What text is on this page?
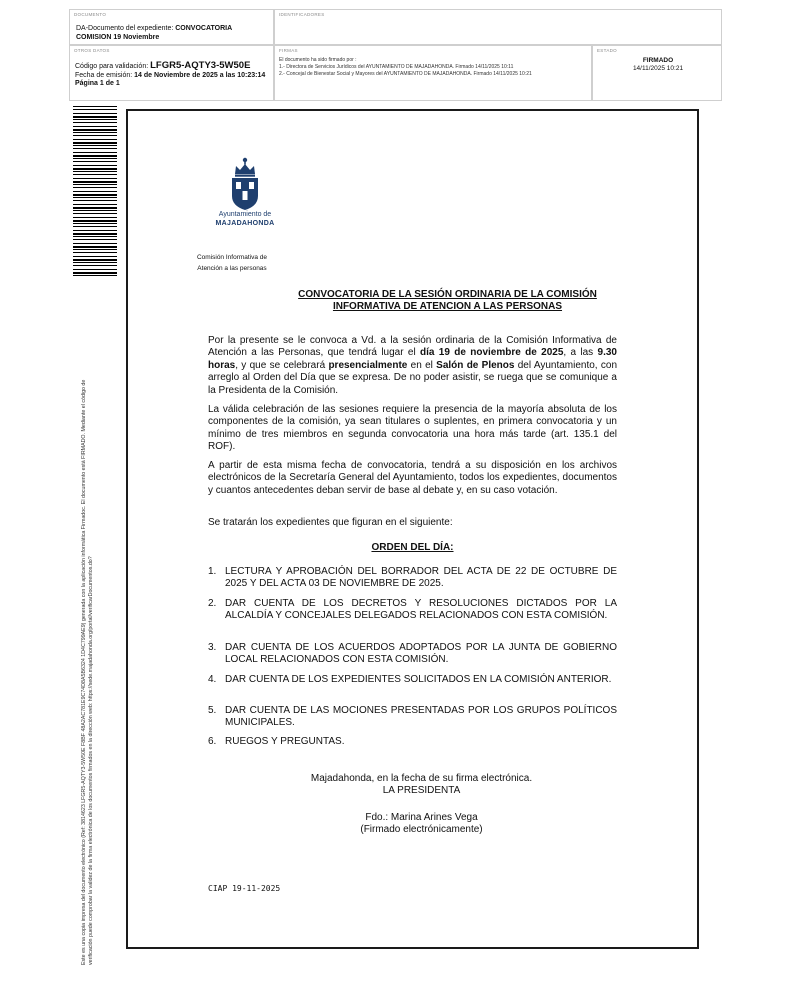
DOCUMENTO
DA-Documento del expediente: CONVOCATORIA
COMISION 19 Noviembre
IDENTIFICADORES
OTROS DATOS
Código para validación: LFGR5-AQTY3-5W50E
Fecha de emisión: 14 de Noviembre de 2025 a las 10:23:14
Página 1 de 1
FIRMAS
El documento ha sido firmado por :
1.- Directora de Servicios Jurídicos del AYUNTAMIENTO DE MAJADAHONDA. Firmado 14/11/2025 10:11
2.- Concejal de Bienestar Social y Mayores del AYUNTAMIENTO DE MAJADAHONDA. Firmado 14/11/2025 10:21
ESTADO
FIRMADO
14/11/2025 10:21
Este es una copia impresa del documento electrónico (Ref: 3814623 LFGR5-AQTY3-5W50E F8BF 48A2AC781E9C74D8A5B6324 1D4C799AE9) generada con la aplicación informática Firmadoc. El documento está FIRMADO. Mediante el código de verificación puede comprobar la validez de la firma electrónica de los documentos firmados en la dirección web: https://sede.majadahonda.org/portal/verificarDocumentos.do?
Ayuntamiento de
MAJADAHONDA
Comisión Informativa de
Atención a las personas
CONVOCATORIA DE LA SESIÓN ORDINARIA DE LA COMISIÓN
INFORMATIVA DE ATENCION A LAS PERSONAS
Por la presente se le convoca a Vd. a la sesión ordinaria de la Comisión Informativa de Atención a las Personas, que tendrá lugar el día 19 de noviembre de 2025, a las 9.30 horas, y que se celebrará presencialmente en el Salón de Plenos del Ayuntamiento, con arreglo al Orden del Día que se expresa. De no poder asistir, se ruega que se comunique a la Presidenta de la Comisión.
La válida celebración de las sesiones requiere la presencia de la mayoría absoluta de los componentes de la comisión, ya sean titulares o suplentes, en primera convocatoria y un mínimo de tres miembros en segunda convocatoria una hora más tarde (art. 135.1 del ROF).
A partir de esta misma fecha de convocatoria, tendrá a su disposición en los archivos electrónicos de la Secretaría General del Ayuntamiento, todos los expedientes, documentos y cuantos antecedentes deban servir de base al debate y, en su caso votación.
Se tratarán los expedientes que figuran en el siguiente:
ORDEN DEL DÍA:
1. LECTURA Y APROBACIÓN DEL BORRADOR DEL ACTA DE 22 DE OCTUBRE DE 2025 Y DEL ACTA 03 DE NOVIEMBRE DE 2025.
2. DAR CUENTA DE LOS DECRETOS Y RESOLUCIONES DICTADOS POR LA ALCALDÍA Y CONCEJALES DELEGADOS RELACIONADOS CON ESTA COMISIÓN.
3. DAR CUENTA DE LOS ACUERDOS ADOPTADOS POR LA JUNTA DE GOBIERNO LOCAL RELACIONADOS CON ESTA COMISIÓN.
4. DAR CUENTA DE LOS EXPEDIENTES SOLICITADOS EN LA COMISIÓN ANTERIOR.
5. DAR CUENTA DE LAS MOCIONES PRESENTADAS POR LOS GRUPOS POLÍTICOS MUNICIPALES.
6. RUEGOS Y PREGUNTAS.
Majadahonda, en la fecha de su firma electrónica.
LA PRESIDENTA
Fdo.: Marina Arines Vega
(Firmado electrónicamente)
CIAP 19-11-2025
